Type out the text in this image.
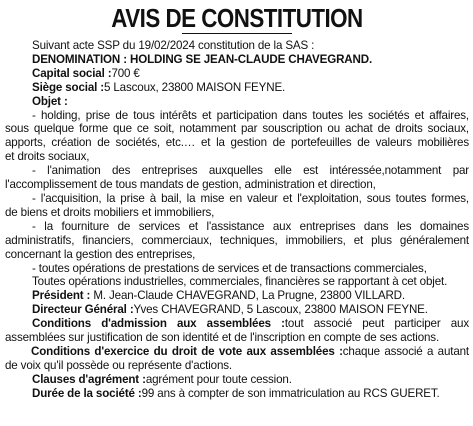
AVIS DE CONSTITUTION
Suivant acte SSP du 19/02/2024 constitution de la SAS :
DENOMINATION : HOLDING SE JEAN-CLAUDE CHAVEGRAND.
Capital social :700 €
Siège social :5 Lascoux, 23800 MAISON FEYNE.
Objet :
- holding, prise de tous intérêts et participation dans toutes les sociétés et affaires,
sous quelque forme que ce soit, notamment par souscription ou achat de droits sociaux,
apports, création de sociétés, etc.… et la gestion de portefeuilles de valeurs mobilières
et droits sociaux,
- l'animation des entreprises auxquelles elle est intéressée,notamment par
l'accomplissement de tous mandats de gestion, administration et direction,
- l'acquisition, la prise à bail, la mise en valeur et l'exploitation, sous toutes formes,
de biens et droits mobiliers et immobiliers,
- la fourniture de services et l'assistance aux entreprises dans les domaines
administratifs, financiers, commerciaux, techniques, immobiliers, et plus généralement
concernant la gestion des entreprises,
- toutes opérations de prestations de services et de transactions commerciales,
Toutes opérations industrielles, commerciales, financières se rapportant à cet objet.
Président : M. Jean-Claude CHAVEGRAND, La Prugne, 23800 VILLARD.
Directeur Général :Yves CHAVEGRAND, 5 Lascoux, 23800 MAISON FEYNE.
Conditions d'admission aux assemblées :tout associé peut participer aux
assemblées sur justification de son identité et de l'inscription en compte de ses actions.
Conditions d'exercice du droit de vote aux assemblées :chaque associé a autant
de voix qu'il possède ou représente d'actions.
Clauses d'agrément :agrément pour toute cession.
Durée de la société :99 ans à compter de son immatriculation au RCS GUERET.
